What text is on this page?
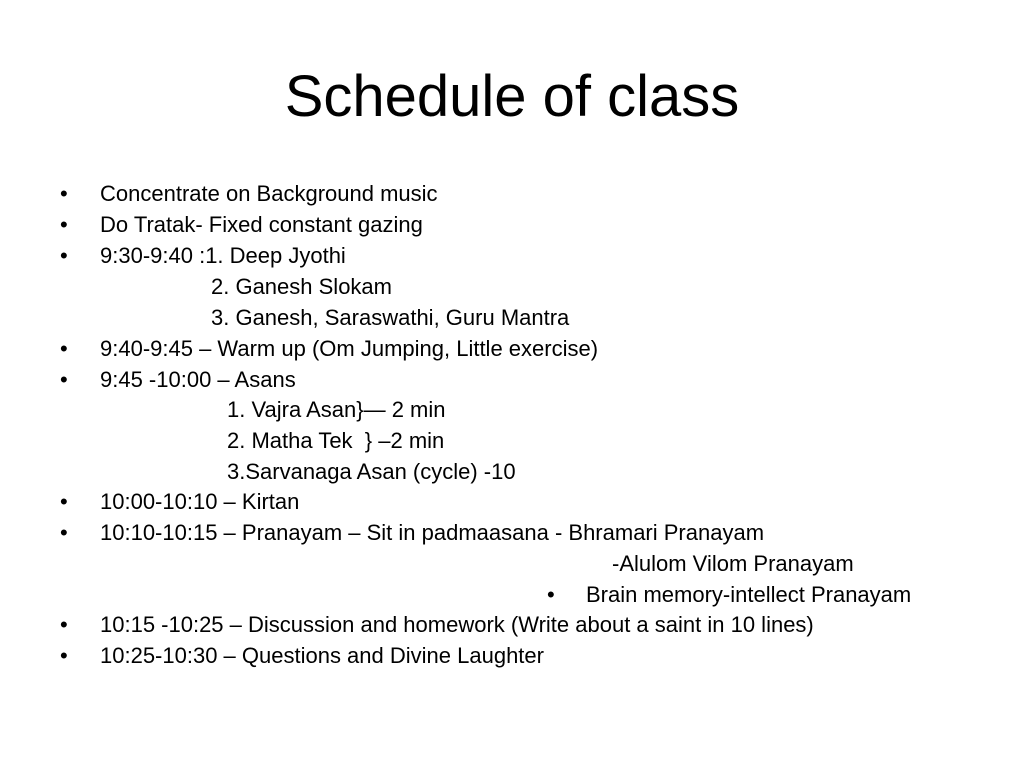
Schedule of class
• Concentrate on Background music
• Do Tratak- Fixed constant gazing
• 9:30-9:40 :1. Deep Jyothi
2. Ganesh Slokam
3. Ganesh, Saraswathi, Guru Mantra
• 9:40-9:45 – Warm up (Om Jumping, Little exercise)
• 9:45 -10:00 – Asans
1. Vajra Asan}— 2 min
2. Matha Tek  } –2 min
3.Sarvanaga Asan (cycle) -10
• 10:00-10:10 – Kirtan
• 10:10-10:15 – Pranayam – Sit in padmaasana - Bhramari Pranayam
-Alulom Vilom Pranayam
• Brain memory-intellect Pranayam
• 10:15 -10:25 – Discussion and homework (Write about a saint in 10 lines)
• 10:25-10:30 – Questions and Divine Laughter
